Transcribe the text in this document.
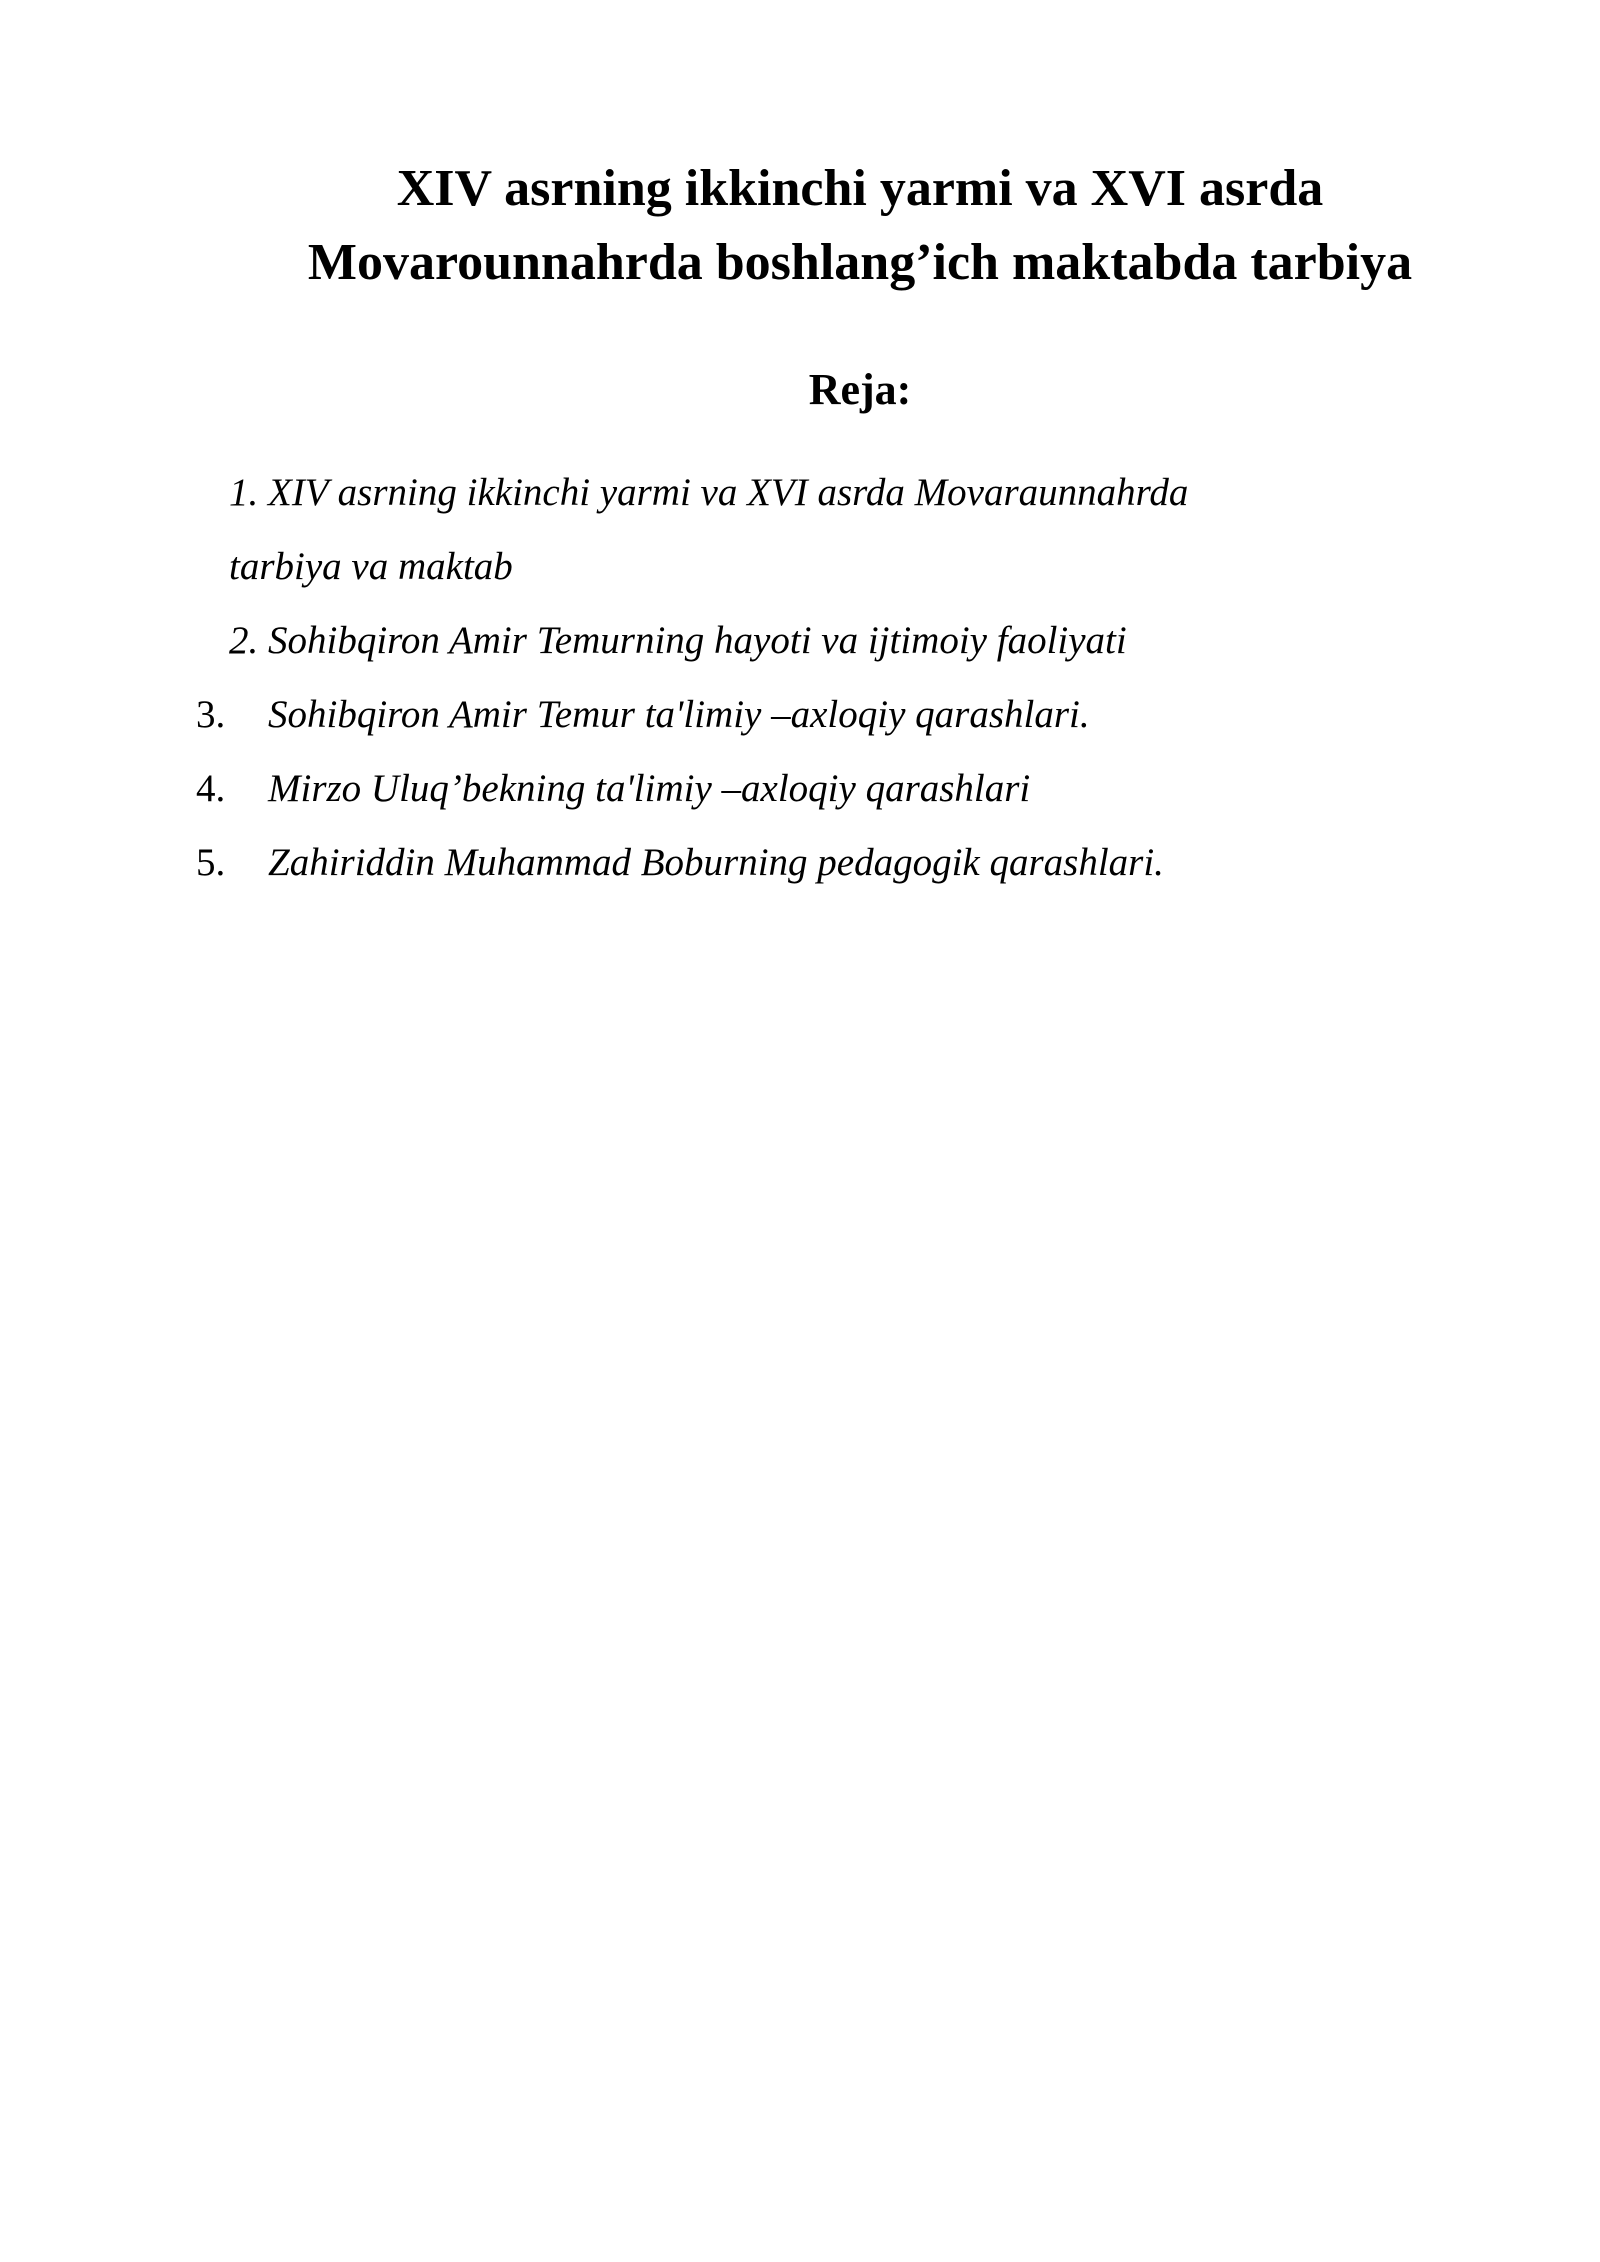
XIV asrning ikkinchi yarmi va XVI asrda
Movarounnahrda boshlang’ich maktabda tarbiya
Reja:
1. XIV asrning ikkinchi yarmi va XVI asrda Movaraunnahrda
tarbiya va maktab
2. Sohibqiron Amir Temurning hayoti va ijtimoiy faoliyati
3. Sohibqiron Amir Temur ta'limiy –axloqiy qarashlari.
4. Mirzo Uluq’bekning ta'limiy –axloqiy qarashlari
5. Zahiriddin Muhammad Boburning pedagogik qarashlari.
